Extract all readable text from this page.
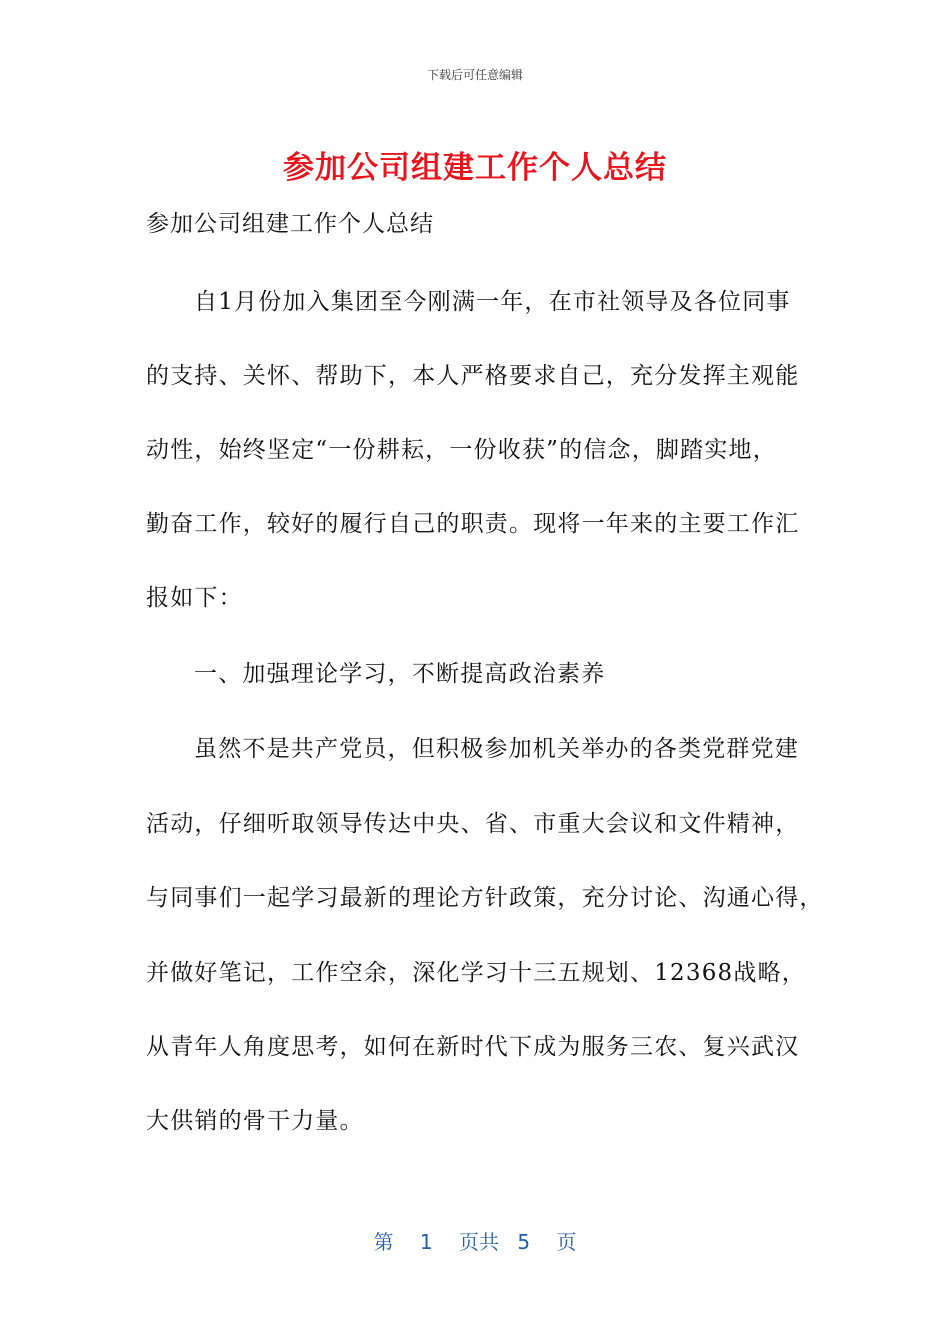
下载后可任意编辑
参加公司组建工作个人总结
参加公司组建工作个人总结
自1月份加入集团至今刚满一年，在市社领导及各位同事
的支持、关怀、帮助下，本人严格要求自己，充分发挥主观能
动性，始终坚定“一份耕耘，一份收获”的信念，脚踏实地，
勤奋工作，较好的履行自己的职责。现将一年来的主要工作汇
报如下：
一、加强理论学习，不断提高政治素养
虽然不是共产党员，但积极参加机关举办的各类党群党建
活动，仔细听取领导传达中央、省、市重大会议和文件精神，
与同事们一起学习最新的理论方针政策，充分讨论、沟通心得，
并做好笔记，工作空余，深化学习十三五规划、12368战略，
从青年人角度思考，如何在新时代下成为服务三农、复兴武汉
大供销的骨干力量。
第 1 页共 5 页
